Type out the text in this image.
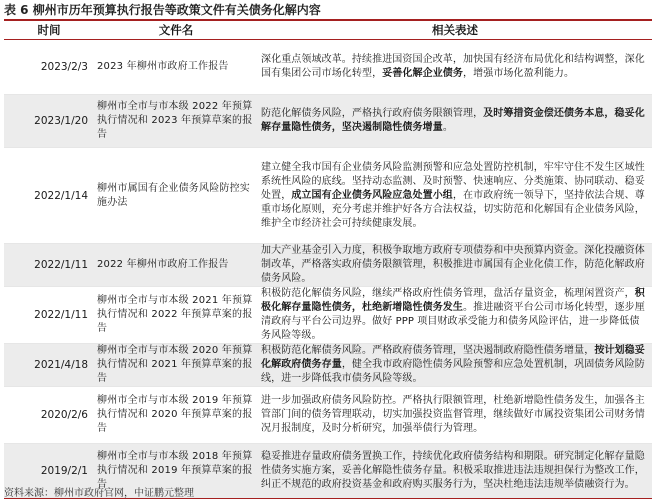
表 6 柳州市历年预算执行报告等政策文件有关债务化解内容
时间	文件名	相关表述
2023/2/3	2023 年柳州市政府工作报告	深化重点领域改革。持续推进国资国企改革，加快国有经济布局优化和结构调整，深化国有集团公司市场化转型，妥善化解企业债务，增强市场化盈利能力。
2023/1/20	柳州市全市与市本级 2022 年预算执行情况和 2023 年预算草案的报告	防范化解债务风险，严格执行政府债务限额管理，及时筹措资金偿还债务本息，稳妥化解存量隐性债务，坚决遏制隐性债务增量。
2022/1/14	柳州市属国有企业债务风险防控实施办法	建立健全我市国有企业债务风险监测预警和应急处置防控机制，牢牢守住不发生区域性系统性风险的底线。坚持动态监测、及时预警、快速响应、分类施策、协同联动、稳妥处置，成立国有企业债务风险应急处置小组，在市政府统一领导下，坚持依法合规、尊重市场化原则，充分考虑并维护好各方合法权益，切实防范和化解国有企业债务风险，维护全市经济社会可持续健康发展。
2022/1/11	2022 年柳州市政府工作报告	加大产业基金引入力度，积极争取地方政府专项债券和中央预算内资金。深化投融资体制改革，严格落实政府债务限额管理，积极推进市属国有企业化债工作，防范化解政府债务风险。
2022/1/11	柳州市全市与市本级 2021 年预算执行情况和 2022 年预算草案的报告	积极防范化解债务风险，继续严格政府性债务管理，盘活存量资金，梳理闲置资产，积极化解存量隐性债务，杜绝新增隐性债务发生。推进融资平台公司市场化转型，逐步厘清政府与平台公司边界。做好 PPP 项目财政承受能力和债务风险评估，进一步降低债务风险等级。
2021/4/18	柳州市全市与市本级 2020 年预算执行情况和 2021 年预算草案的报告	积极防范化解债务风险。严格政府债务管理，坚决遏制政府隐性债务增量，按计划稳妥化解政府债务存量，健全我市政府隐性债务风险预警和应急处置机制，巩固债务风险防线，进一步降低我市债务风险等级。
2020/2/6	柳州市全市与市本级 2019 年预算执行情况和 2020 年预算草案的报告	进一步加强政府债务风险防控。严格执行限额管理，杜绝新增隐性债务发生，加强各主管部门间的债务管理联动，切实加强投资监督管理，继续做好市属投资集团公司财务情况月报制度，及时分析研究，加强举债行为管理。
2019/2/1	柳州市全市与市本级 2018 年预算执行情况和 2019 年预算草案的报告	稳妥推进存量政府债务置换工作，持续优化政府债务结构和期限。研究制定化解存量隐性债务实施方案，妥善化解隐性债务存量。积极采取推进违法违规担保行为整改工作，纠正不规范的政府投资基金和政府购买服务行为，坚决杜绝违法违规举债融资行为。
资料来源：柳州市政府官网，中证鹏元整理
